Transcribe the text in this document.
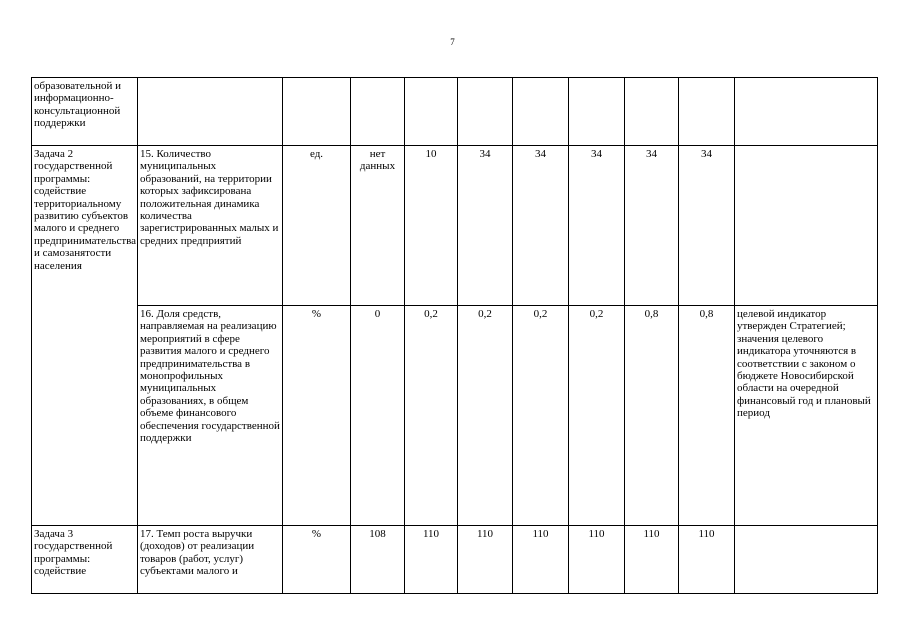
7
образовательной и информационно-консультационной поддержки										
Задача 2 государственной программы: содействие территориальному развитию субъектов малого и среднего предпринимательства и самозанятости населения	15. Количество муниципальных образований, на территории которых зафиксирована положительная динамика количества зарегистрированных малых и средних предприятий	ед.	нет данных	10	34	34	34	34	34	
	16. Доля средств, направляемая на реализацию мероприятий в сфере развития малого и среднего предпринимательства в монопрофильных муниципальных образованиях, в общем объеме финансового обеспечения государственной поддержки	%	0	0,2	0,2	0,2	0,2	0,8	0,8	целевой индикатор утвержден Стратегией; значения целевого индикатора уточняются в соответствии с законом о бюджете Новосибирской области на очередной финансовый год и плановый период
Задача 3 государственной программы: содействие	17. Темп роста выручки (доходов) от реализации товаров (работ, услуг) субъектами малого и	%	108	110	110	110	110	110	110	
